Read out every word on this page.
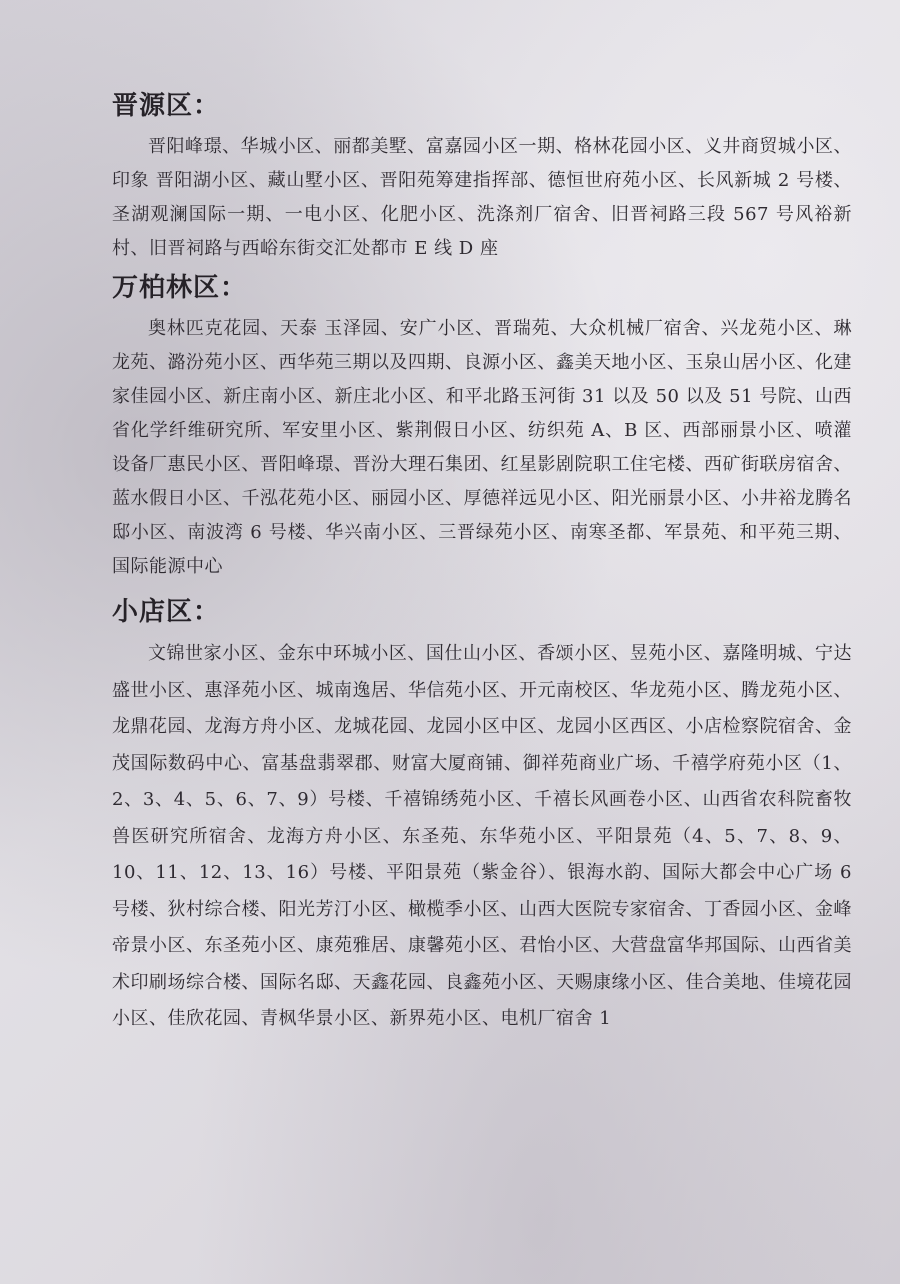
晋源区：

晋阳峰璟、华城小区、丽都美墅、富嘉园小区一期、格林花园小区、义井商贸城小区、印象 晋阳湖小区、藏山墅小区、晋阳苑筹建指挥部、德恒世府苑小区、长风新城 2 号楼、圣湖观澜国际一期、一电小区、化肥小区、洗涤剂厂宿舍、旧晋祠路三段 567 号风裕新村、旧晋祠路与西峪东街交汇处都市 E 线 D 座

万柏林区：

奥林匹克花园、天泰 玉泽园、安广小区、晋瑞苑、大众机械厂宿舍、兴龙苑小区、琳龙苑、潞汾苑小区、西华苑三期以及四期、良源小区、鑫美天地小区、玉泉山居小区、化建家佳园小区、新庄南小区、新庄北小区、和平北路玉河街 31 以及 50 以及 51 号院、山西省化学纤维研究所、军安里小区、紫荆假日小区、纺织苑 A、B 区、西部丽景小区、喷灌设备厂惠民小区、晋阳峰璟、晋汾大理石集团、红星影剧院职工住宅楼、西矿街联房宿舍、蓝水假日小区、千泓花苑小区、丽园小区、厚德祥远见小区、阳光丽景小区、小井裕龙腾名邸小区、南波湾 6 号楼、华兴南小区、三晋绿苑小区、南寒圣都、军景苑、和平苑三期、国际能源中心

小店区：

文锦世家小区、金东中环城小区、国仕山小区、香颂小区、昱苑小区、嘉隆明城、宁达盛世小区、惠泽苑小区、城南逸居、华信苑小区、开元南校区、华龙苑小区、腾龙苑小区、龙鼎花园、龙海方舟小区、龙城花园、龙园小区中区、龙园小区西区、小店检察院宿舍、金茂国际数码中心、富基盘翡翠郡、财富大厦商铺、御祥苑商业广场、千禧学府苑小区（1、2、3、4、5、6、7、9）号楼、千禧锦绣苑小区、千禧长风画卷小区、山西省农科院畜牧兽医研究所宿舍、龙海方舟小区、东圣苑、东华苑小区、平阳景苑（4、5、7、8、9、10、11、12、13、16）号楼、平阳景苑（紫金谷）、银海水韵、国际大都会中心广场 6 号楼、狄村综合楼、阳光芳汀小区、橄榄季小区、山西大医院专家宿舍、丁香园小区、金峰帝景小区、东圣苑小区、康苑雅居、康馨苑小区、君怡小区、大营盘富华邦国际、山西省美术印刷场综合楼、国际名邸、天鑫花园、良鑫苑小区、天赐康缘小区、佳合美地、佳境花园小区、佳欣花园、青枫华景小区、新界苑小区、电机厂宿舍 1
